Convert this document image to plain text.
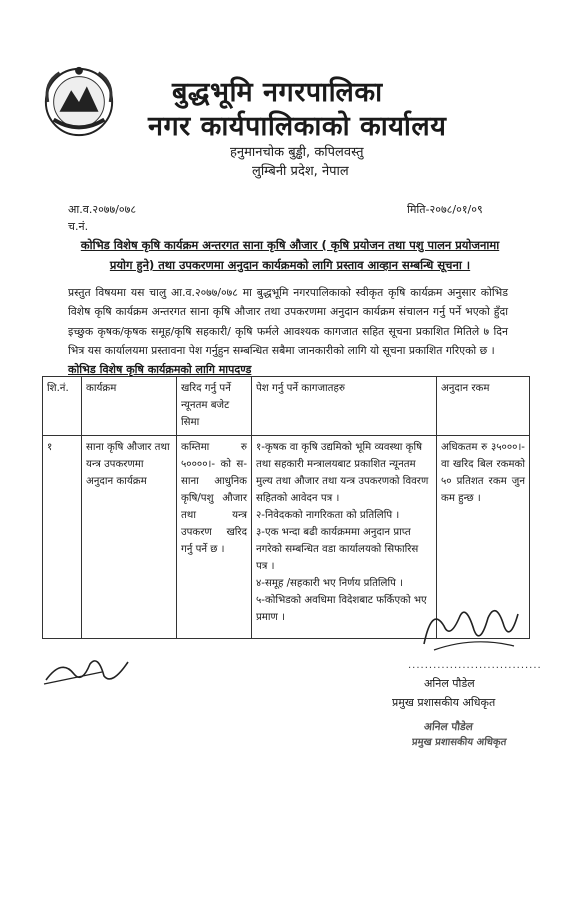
बुद्धभूमि नगरपालिका
नगर कार्यपालिकाको कार्यालय
हनुमानचोक बुड्ढी, कपिलवस्तु
लुम्बिनी प्रदेश, नेपाल
आ.व.२०७७/०७८	मिति-२०७८/०१/०९
च.नं.
कोभिड विशेष कृषि कार्यक्रम अन्तरगत साना कृषि औजार ( कृषि प्रयोजन तथा पशु पालन प्रयोजनामा प्रयोग हुने) तथा उपकरणमा अनुदान कार्यक्रमको लागि प्रस्ताव आव्हान सम्बन्धि सूचना ।
प्रस्तुत विषयमा यस चालु आ.व.२०७७/०७८ मा बुद्धभूमि नगरपालिकाको स्वीकृत कृषि कार्यक्रम अनुसार कोभिड विशेष कृषि कार्यक्रम अन्तरगत साना कृषि औजार तथा उपकरणमा अनुदान कार्यक्रम संचालन गर्नु पर्ने भएको हुँदा इच्छुक कृषक/कृषक समूह/कृषि सहकारी/ कृषि फर्मले आवश्यक कागजात सहित सूचना प्रकाशित मितिले ७ दिन भित्र यस कार्यालयमा प्रस्तावना पेश गर्नुहुन सम्बन्धित सबैमा जानकारीको लागि यो सूचना प्रकाशित गरिएको छ ।
कोभिड विशेष कृषि कार्यक्रमको लागि मापदण्ड
शि.नं.	कार्यक्रम	खरिद गर्नु पर्ने न्यूनतम बजेट सिमा	पेश गर्नु पर्ने कागजातहरु	अनुदान रकम
१	साना कृषि औजार तथा यन्त्र उपकरणमा अनुदान कार्यक्रम	कम्तिमा रु ५००००।- को स-साना आधुनिक कृषि/पशु औजार तथा यन्त्र उपकरण खरिद गर्नु पर्ने छ ।	१-कृषक वा कृषि उद्यमिको भूमि व्यवस्था कृषि तथा सहकारी मन्त्रालयबाट प्रकाशित न्यूनतम मुल्य तथा औजार तथा यन्त्र उपकरणको विवरण सहितको आवेदन पत्र ।
२-निवेदकको नागरिकता को प्रतिलिपि ।
३-एक भन्दा बढी कार्यक्रममा अनुदान प्राप्त नगरेको सम्बन्धित वडा कार्यालयको सिफारिस पत्र ।
४-समूह /सहकारी भए निर्णय प्रतिलिपि ।
५-कोभिडको अवधिमा विदेशबाट फर्किएको भए प्रमाण ।	अधिकतम रु ३५०००।- वा खरिद बिल रकमको ५० प्रतिशत रकम जुन कम हुन्छ ।
................................
अनिल पौडेल
प्रमुख प्रशासकीय अधिकृत
अनिल पौडेल
प्रमुख प्रशासकीय अधिकृत
